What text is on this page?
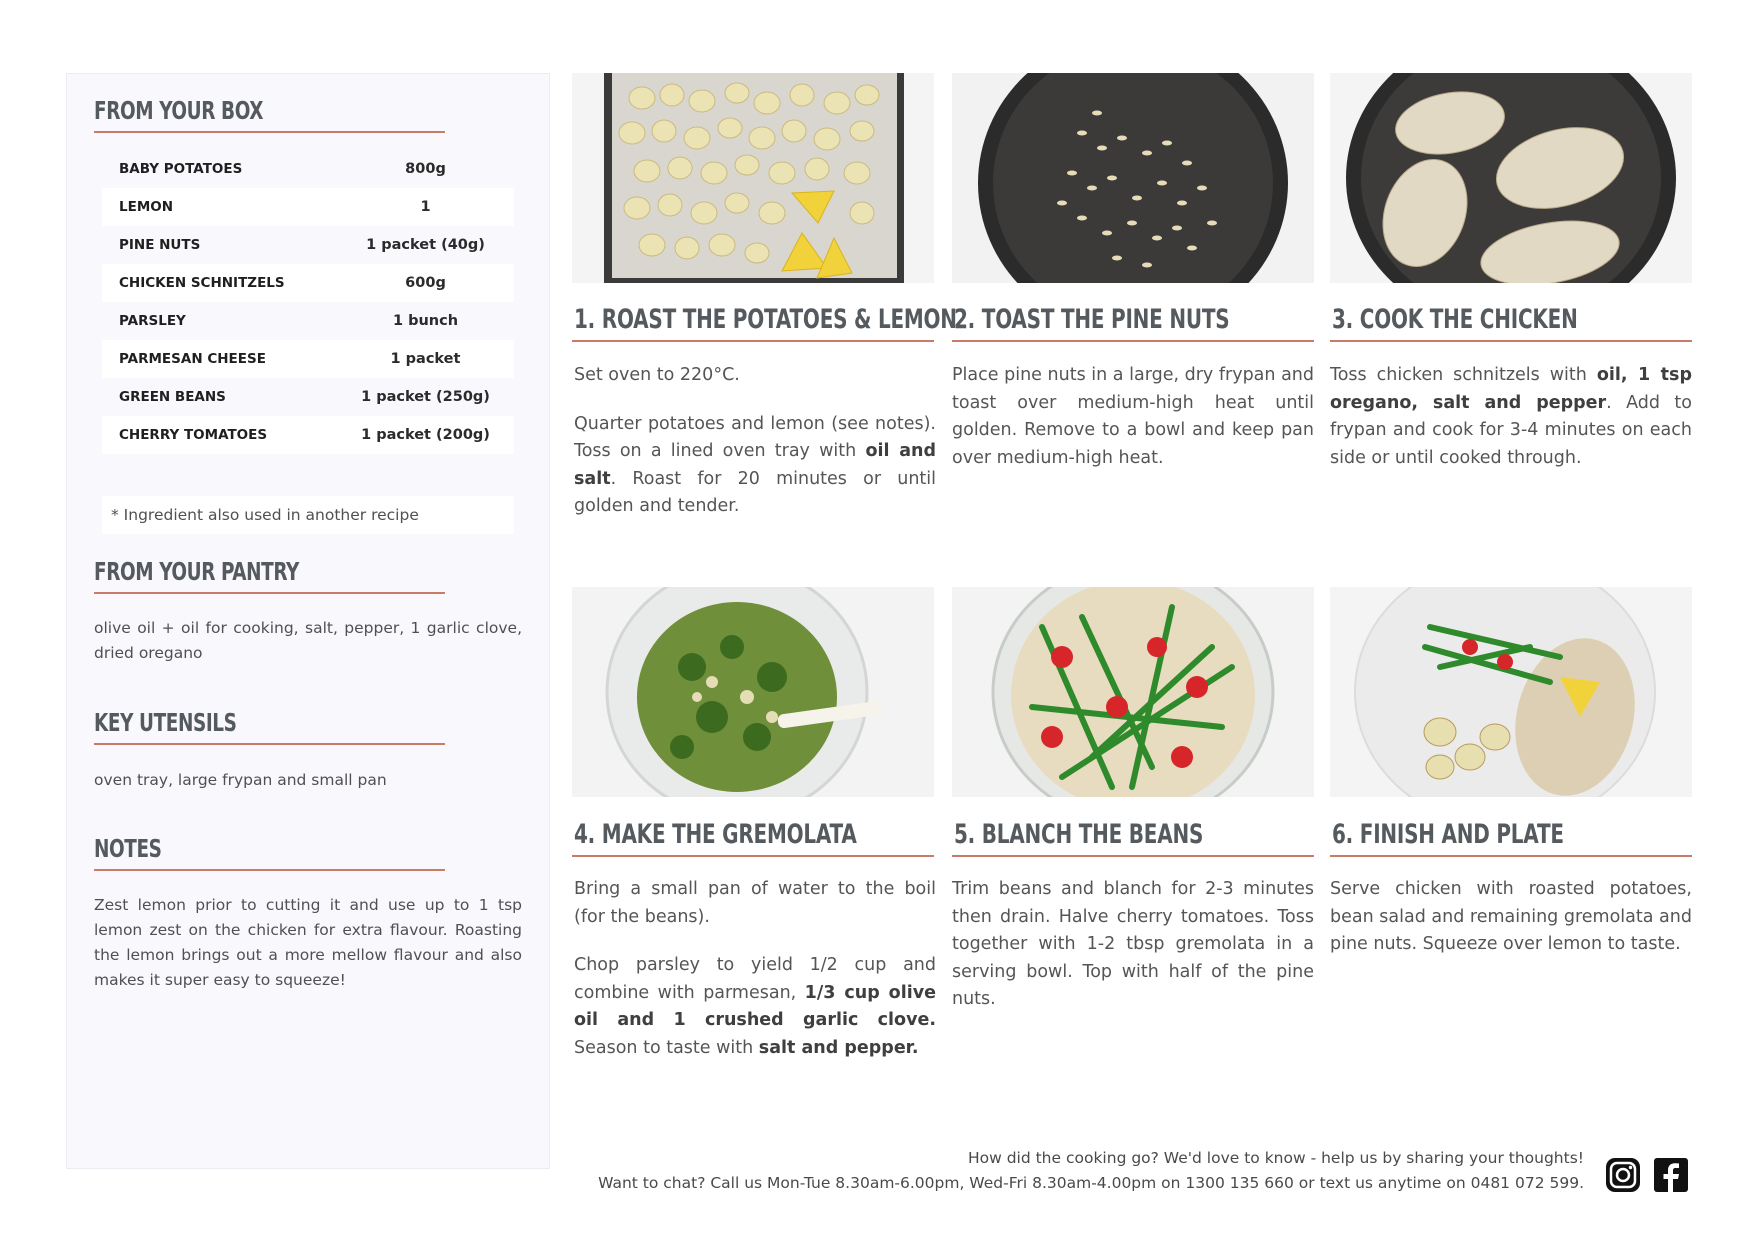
FROM YOUR BOX
BABY POTATOES	800g
LEMON	1
PINE NUTS	1 packet (40g)
CHICKEN SCHNITZELS	600g
PARSLEY	1 bunch
PARMESAN CHEESE	1 packet
GREEN BEANS	1 packet (250g)
CHERRY TOMATOES	1 packet (200g)
* Ingredient also used in another recipe
FROM YOUR PANTRY
olive oil + oil for cooking, salt, pepper, 1 garlic clove, dried oregano
KEY UTENSILS
oven tray, large frypan and small pan
NOTES
Zest lemon prior to cutting it and use up to 1 tsp lemon zest on the chicken for extra flavour. Roasting the lemon brings out a more mellow flavour and also makes it super easy to squeeze!
1. ROAST THE POTATOES & LEMON

Set oven to 220°C.

Quarter potatoes and lemon (see notes). Toss on a lined oven tray with oil and salt. Roast for 20 minutes or until golden and tender.

2. TOAST THE PINE NUTS

Place pine nuts in a large, dry frypan and toast over medium-high heat until golden. Remove to a bowl and keep pan over medium-high heat.

3. COOK THE CHICKEN

Toss chicken schnitzels with oil, 1 tsp oregano, salt and pepper. Add to frypan and cook for 3-4 minutes on each side or until cooked through.

4. MAKE THE GREMOLATA

Bring a small pan of water to the boil (for the beans).

Chop parsley to yield 1/2 cup and combine with parmesan, 1/3 cup olive oil and 1 crushed garlic clove. Season to taste with salt and pepper.

5. BLANCH THE BEANS

Trim beans and blanch for 2-3 minutes then drain. Halve cherry tomatoes. Toss together with 1-2 tbsp gremolata in a serving bowl. Top with half of the pine nuts.

6. FINISH AND PLATE

Serve chicken with roasted potatoes, bean salad and remaining gremolata and pine nuts. Squeeze over lemon to taste.

How did the cooking go? We'd love to know - help us by sharing your thoughts!
Want to chat? Call us Mon-Tue 8.30am-6.00pm, Wed-Fri 8.30am-4.00pm on 1300 135 660 or text us anytime on 0481 072 599.
